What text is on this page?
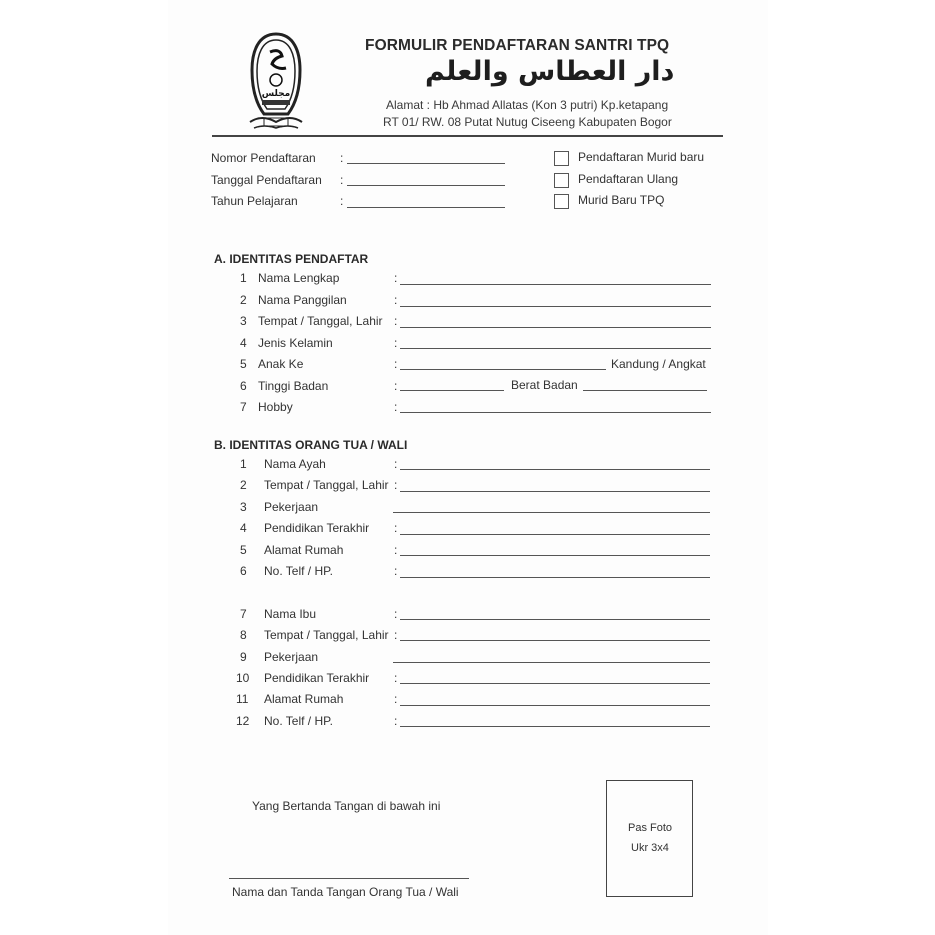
مجلس
FORMULIR PENDAFTARAN SANTRI TPQ
دار العطاس والعلم
Alamat : Hb Ahmad Allatas (Kon 3 putri) Kp.ketapang
RT 01/ RW. 08 Putat Nutug Ciseeng Kabupaten Bogor
Nomor Pendaftaran :
Tanggal Pendaftaran :
Tahun Pelajaran	:
Pendaftaran Murid baru
Pendaftaran Ulang
Murid Baru TPQ
A. IDENTITAS PENDAFTAR
1 Nama Lengkap	:
2 Nama Panggilan	:
3 Tempat / Tanggal, Lahir :
4 Jenis Kelamin	:
5 Anak Ke	:	Kandung / Angkat
6 Tinggi Badan	:	Berat Badan
7 Hobby	:
B. IDENTITAS ORANG TUA / WALI
1 Nama Ayah	:
2 Tempat / Tanggal, Lahir :
3 Pekerjaan
4 Pendidikan Terakhir :
5 Alamat Rumah	:
6 No. Telf / HP.	:
7 Nama Ibu	:
8 Tempat / Tanggal, Lahir :
9 Pekerjaan
10 Pendidikan Terakhir :
11 Alamat Rumah	:
12 No. Telf / HP.	:
Yang Bertanda Tangan di bawah ini
Nama dan Tanda Tangan Orang Tua / Wali
Pas Foto
Ukr 3x4
